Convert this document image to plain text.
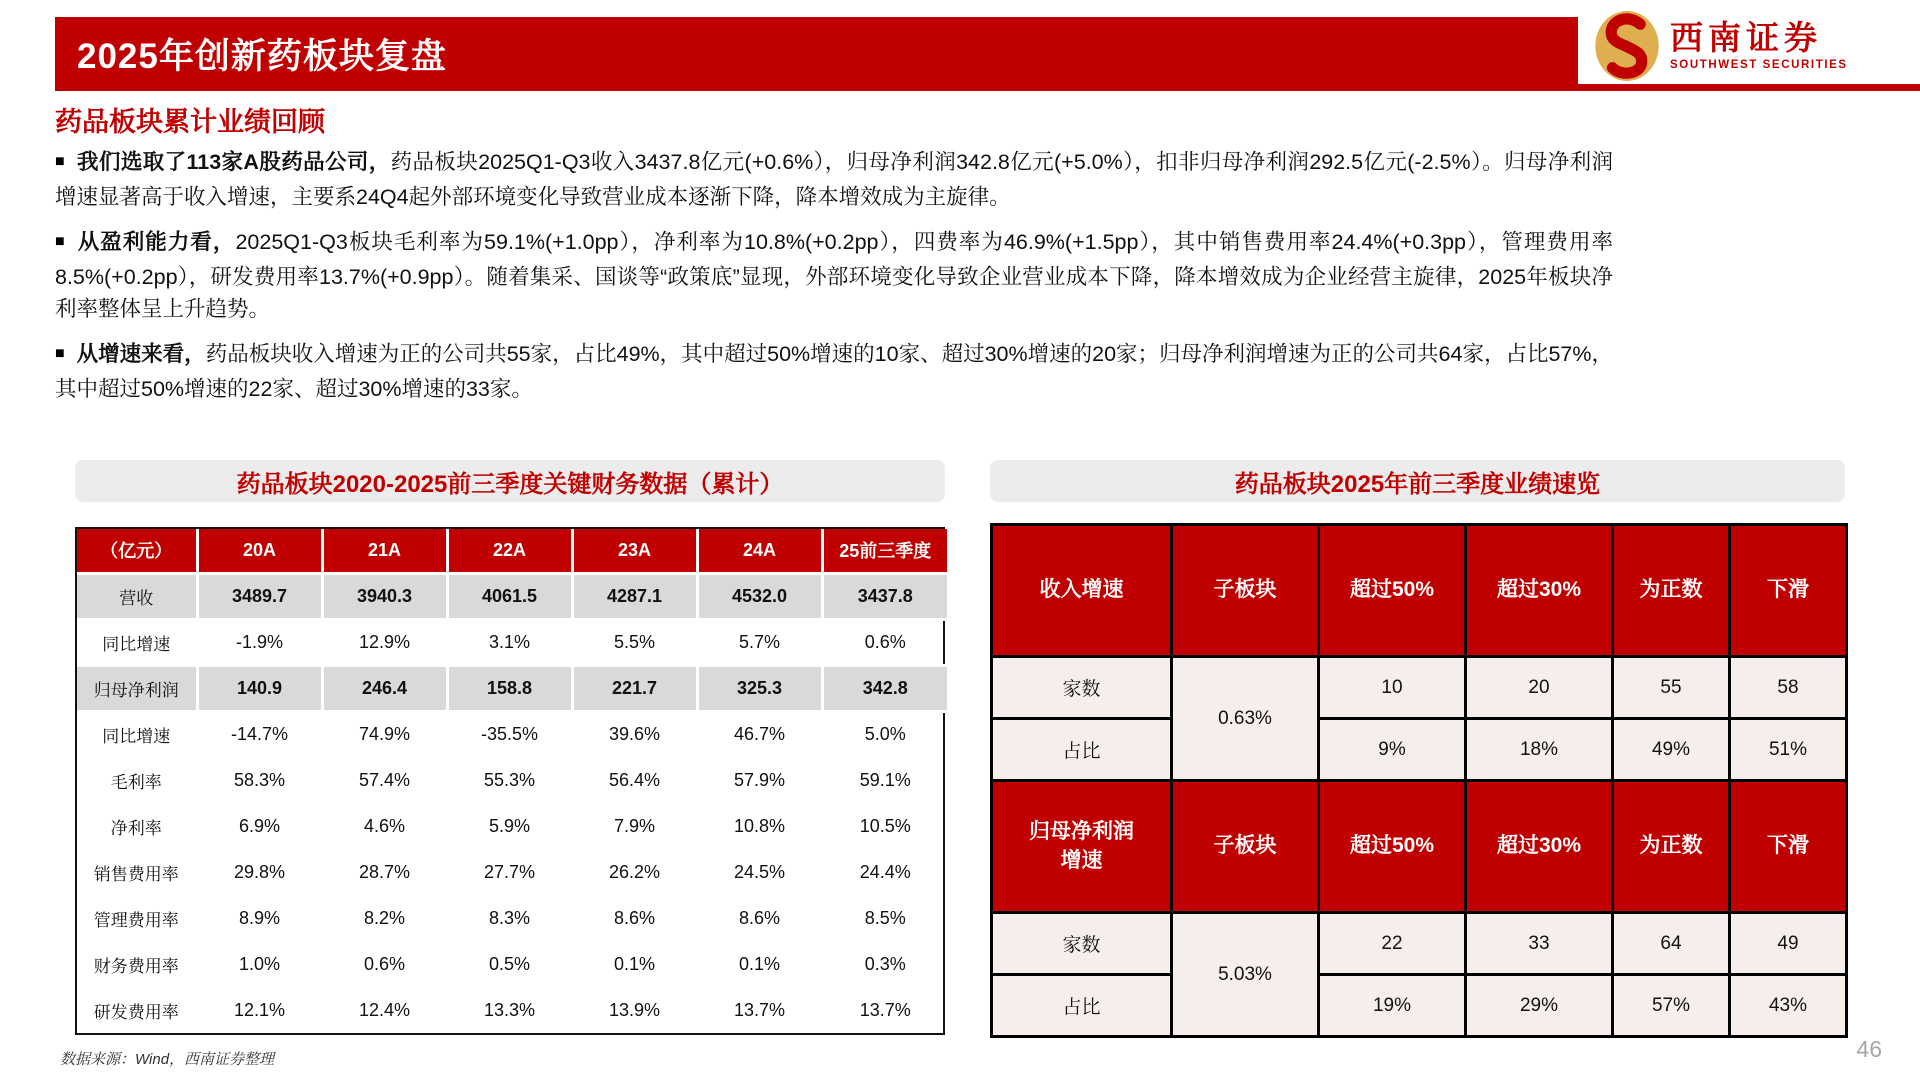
2025年创新药板块复盘	西南证券
SOUTHWEST SECURITIES
药品板块累计业绩回顾
■ 我们选取了113家A股药品公司，药品板块2025Q1-Q3收入3437.8亿元(+0.6%），归母净利润342.8亿元(+5.0%），扣非归母净利润292.5亿元(-2.5%）。归母净利润增速显著高于收入增速，主要系24Q4起外部环境变化导致营业成本逐渐下降，降本增效成为主旋律。
■ 从盈利能力看，2025Q1-Q3板块毛利率为59.1%(+1.0pp），净利率为10.8%(+0.2pp），四费率为46.9%(+1.5pp），其中销售费用率24.4%(+0.3pp），管理费用率8.5%(+0.2pp），研发费用率13.7%(+0.9pp）。随着集采、国谈等“政策底”显现，外部环境变化导致企业营业成本下降，降本增效成为企业经营主旋律，2025年板块净利率整体呈上升趋势。
■ 从增速来看，药品板块收入增速为正的公司共55家，占比49%，其中超过50%增速的10家、超过30%增速的20家；归母净利润增速为正的公司共64家，占比57%，其中超过50%增速的22家、超过30%增速的33家。
药品板块2020-2025前三季度关键财务数据（累计）	药品板块2025年前三季度业绩速览
（亿元）	20A	21A	22A	23A	24A	25前三季度
营收	3489.7	3940.3	4061.5	4287.1	4532.0	3437.8
同比增速	-1.9%	12.9%	3.1%	5.5%	5.7%	0.6%
归母净利润	140.9	246.4	158.8	221.7	325.3	342.8
同比增速	-14.7%	74.9%	-35.5%	39.6%	46.7%	5.0%
毛利率	58.3%	57.4%	55.3%	56.4%	57.9%	59.1%
净利率	6.9%	4.6%	5.9%	7.9%	10.8%	10.5%
销售费用率	29.8%	28.7%	27.7%	26.2%	24.5%	24.4%
管理费用率	8.9%	8.2%	8.3%	8.6%	8.6%	8.5%
财务费用率	1.0%	0.6%	0.5%	0.1%	0.1%	0.3%
研发费用率	12.1%	12.4%	13.3%	13.9%	13.7%	13.7%
收入增速	子板块	超过50%	超过30%	为正数	下滑
家数	0.63%	10	20	55	58
占比		9%	18%	49%	51%
归母净利润
增速	子板块	超过50%	超过30%	为正数	下滑
家数	5.03%	22	33	64	49
占比		19%	29%	57%	43%
数据来源：Wind，西南证券整理	46
